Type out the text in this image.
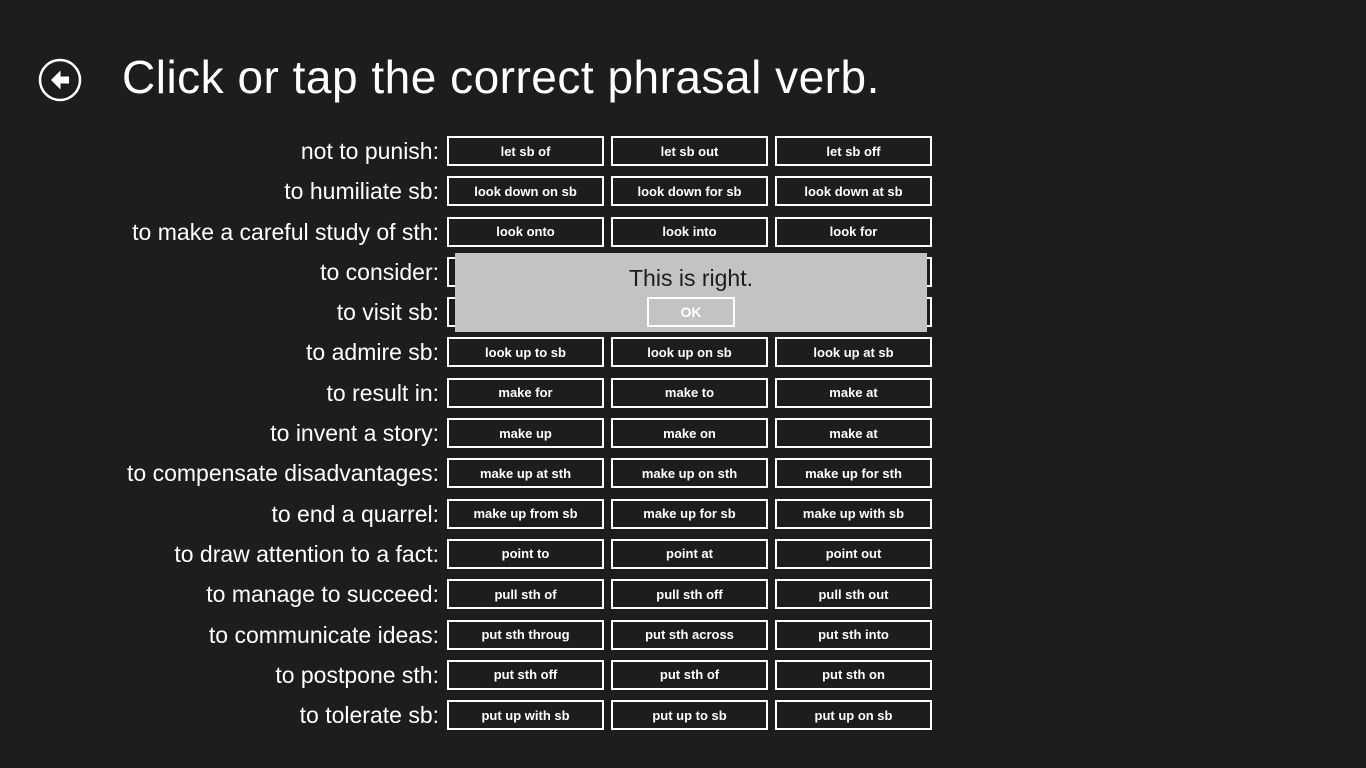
Click or tap the correct phrasal verb.
not to punish:	let sb of	let sb out	let sb off
to humiliate sb:	look down on sb	look down for sb	look down at sb
to make a careful study of sth:	look onto	look into	look for
to consider:
to visit sb:
to admire sb:	look up to sb	look up on sb	look up at sb
to result in:	make for	make to	make at
to invent a story:	make up	make on	make at
to compensate disadvantages:	make up at sth	make up on sth	make up for sth
to end a quarrel:	make up from sb	make up for sb	make up with sb
to draw attention to a fact:	point to	point at	point out
to manage to succeed:	pull sth of	pull sth off	pull sth out
to communicate ideas:	put sth throug	put sth across	put sth into
to postpone sth:	put sth off	put sth of	put sth on
to tolerate sb:	put up with sb	put up to sb	put up on sb
This is right.
OK
